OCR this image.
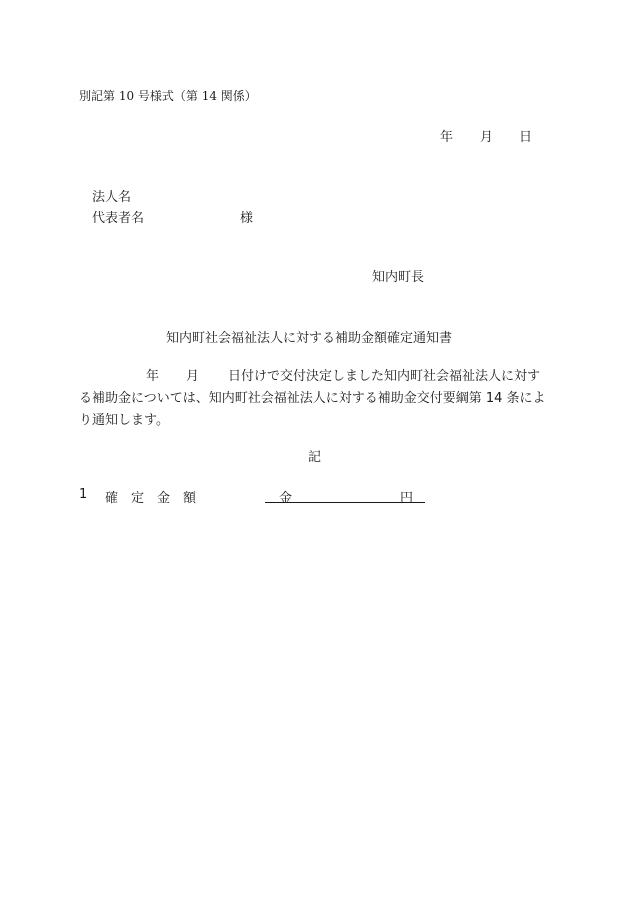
別記第 10 号様式（第 14 関係）
年 月 日
法人名
代表者名	様
知内町長
知内町社会福祉法人に対する補助金額確定通知書
年 月 日付けで交付決定しました知内町社会福祉法人に対す
る補助金については、知内町社会福祉法人に対する補助金交付要綱第 14 条によ
り通知します。
記
1 確　定　金　額	金	円
